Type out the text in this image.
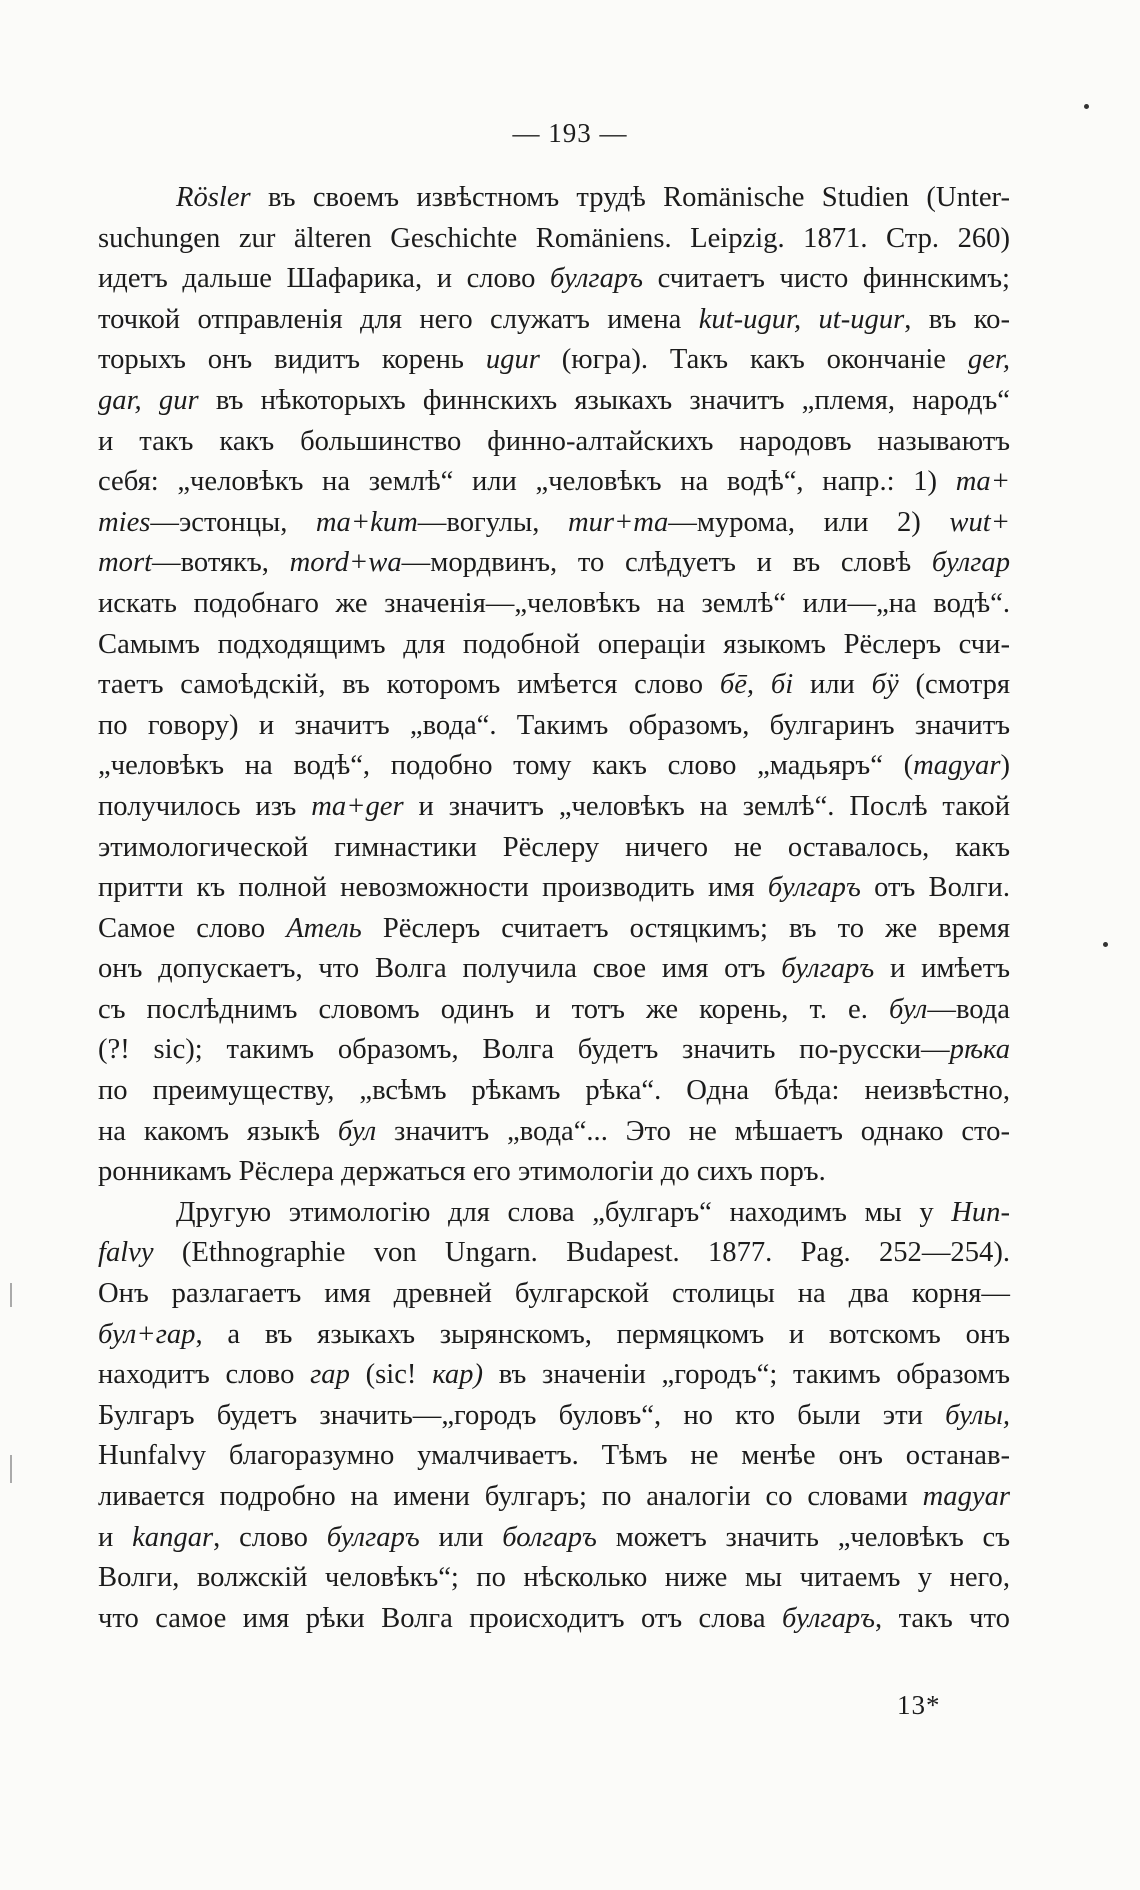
— 193 —
Rösler въ своемъ извѣстномъ трудѣ Romänische Studien (Unter-
suchungen zur älteren Geschichte Romäniens. Leipzig. 1871. Стр. 260)
идетъ дальше Шафарика, и слово булгаръ считаетъ чисто финнскимъ;
точкой отправленія для него служатъ имена kut-ugur, ut-ugur, въ ко-
торыхъ онъ видитъ корень ugur (югра). Такъ какъ окончаніе ger,
gar, gur въ нѣкоторыхъ финнскихъ языкахъ значитъ „племя, народъ“
и такъ какъ большинство финно-алтайскихъ народовъ называютъ
себя: „человѣкъ на землѣ“ или „человѣкъ на водѣ“, напр.: 1) ma+
mies—эстонцы, ma+kum—вогулы, mur+ma—мурома, или 2) wut+
mort—вотякъ, mord+wa—мордвинъ, то слѣдуетъ и въ словѣ булгар
искать подобнаго же значенія—„человѣкъ на землѣ“ или—„на водѣ“.
Самымъ подходящимъ для подобной операціи языкомъ Рёслеръ счи-
таетъ самоѣдскій, въ которомъ имѣется слово бē, бi или бÿ (смотря
по говору) и значитъ „вода“. Такимъ образомъ, булгаринъ значитъ
„человѣкъ на водѣ“, подобно тому какъ слово „мадьяръ“ (magyar)
получилось изъ ma+ger и значитъ „человѣкъ на землѣ“. Послѣ такой
этимологической гимнастики Рёслеру ничего не оставалось, какъ
притти къ полной невозможности производить имя булгаръ отъ Волги.
Самое слово Атель Рёслеръ считаетъ остяцкимъ; въ то же время
онъ допускаетъ, что Волга получила свое имя отъ булгаръ и имѣетъ
съ послѣднимъ словомъ одинъ и тотъ же корень, т. е. бул—вода
(?! sic); такимъ образомъ, Волга будетъ значить по-русски—рѣка
по преимуществу, „всѣмъ рѣкамъ рѣка“. Одна бѣда: неизвѣстно,
на какомъ языкѣ бул значитъ „вода“... Это не мѣшаетъ однако сто-
ронникамъ Рёслера держаться его этимологіи до сихъ поръ.
Другую этимологію для слова „булгаръ“ находимъ мы у Hun-
falvy (Ethnographie von Ungarn. Budapest. 1877. Pag. 252—254).
Онъ разлагаетъ имя древней булгарской столицы на два корня—
бул+гар, а въ языкахъ зырянскомъ, пермяцкомъ и вотскомъ онъ
находитъ слово гар (sic! кар) въ значеніи „городъ“; такимъ образомъ
Булгаръ будетъ значить—„городъ буловъ“, но кто были эти булы,
Hunfalvy благоразумно умалчиваетъ. Тѣмъ не менѣе онъ останав-
ливается подробно на имени булгаръ; по аналогіи со словами magyar
и kangar, слово булгаръ или болгаръ можетъ значить „человѣкъ съ
Волги, волжскій человѣкъ“; по нѣсколько ниже мы читаемъ у него,
что самое имя рѣки Волга происходитъ отъ слова булгаръ, такъ что
13*
